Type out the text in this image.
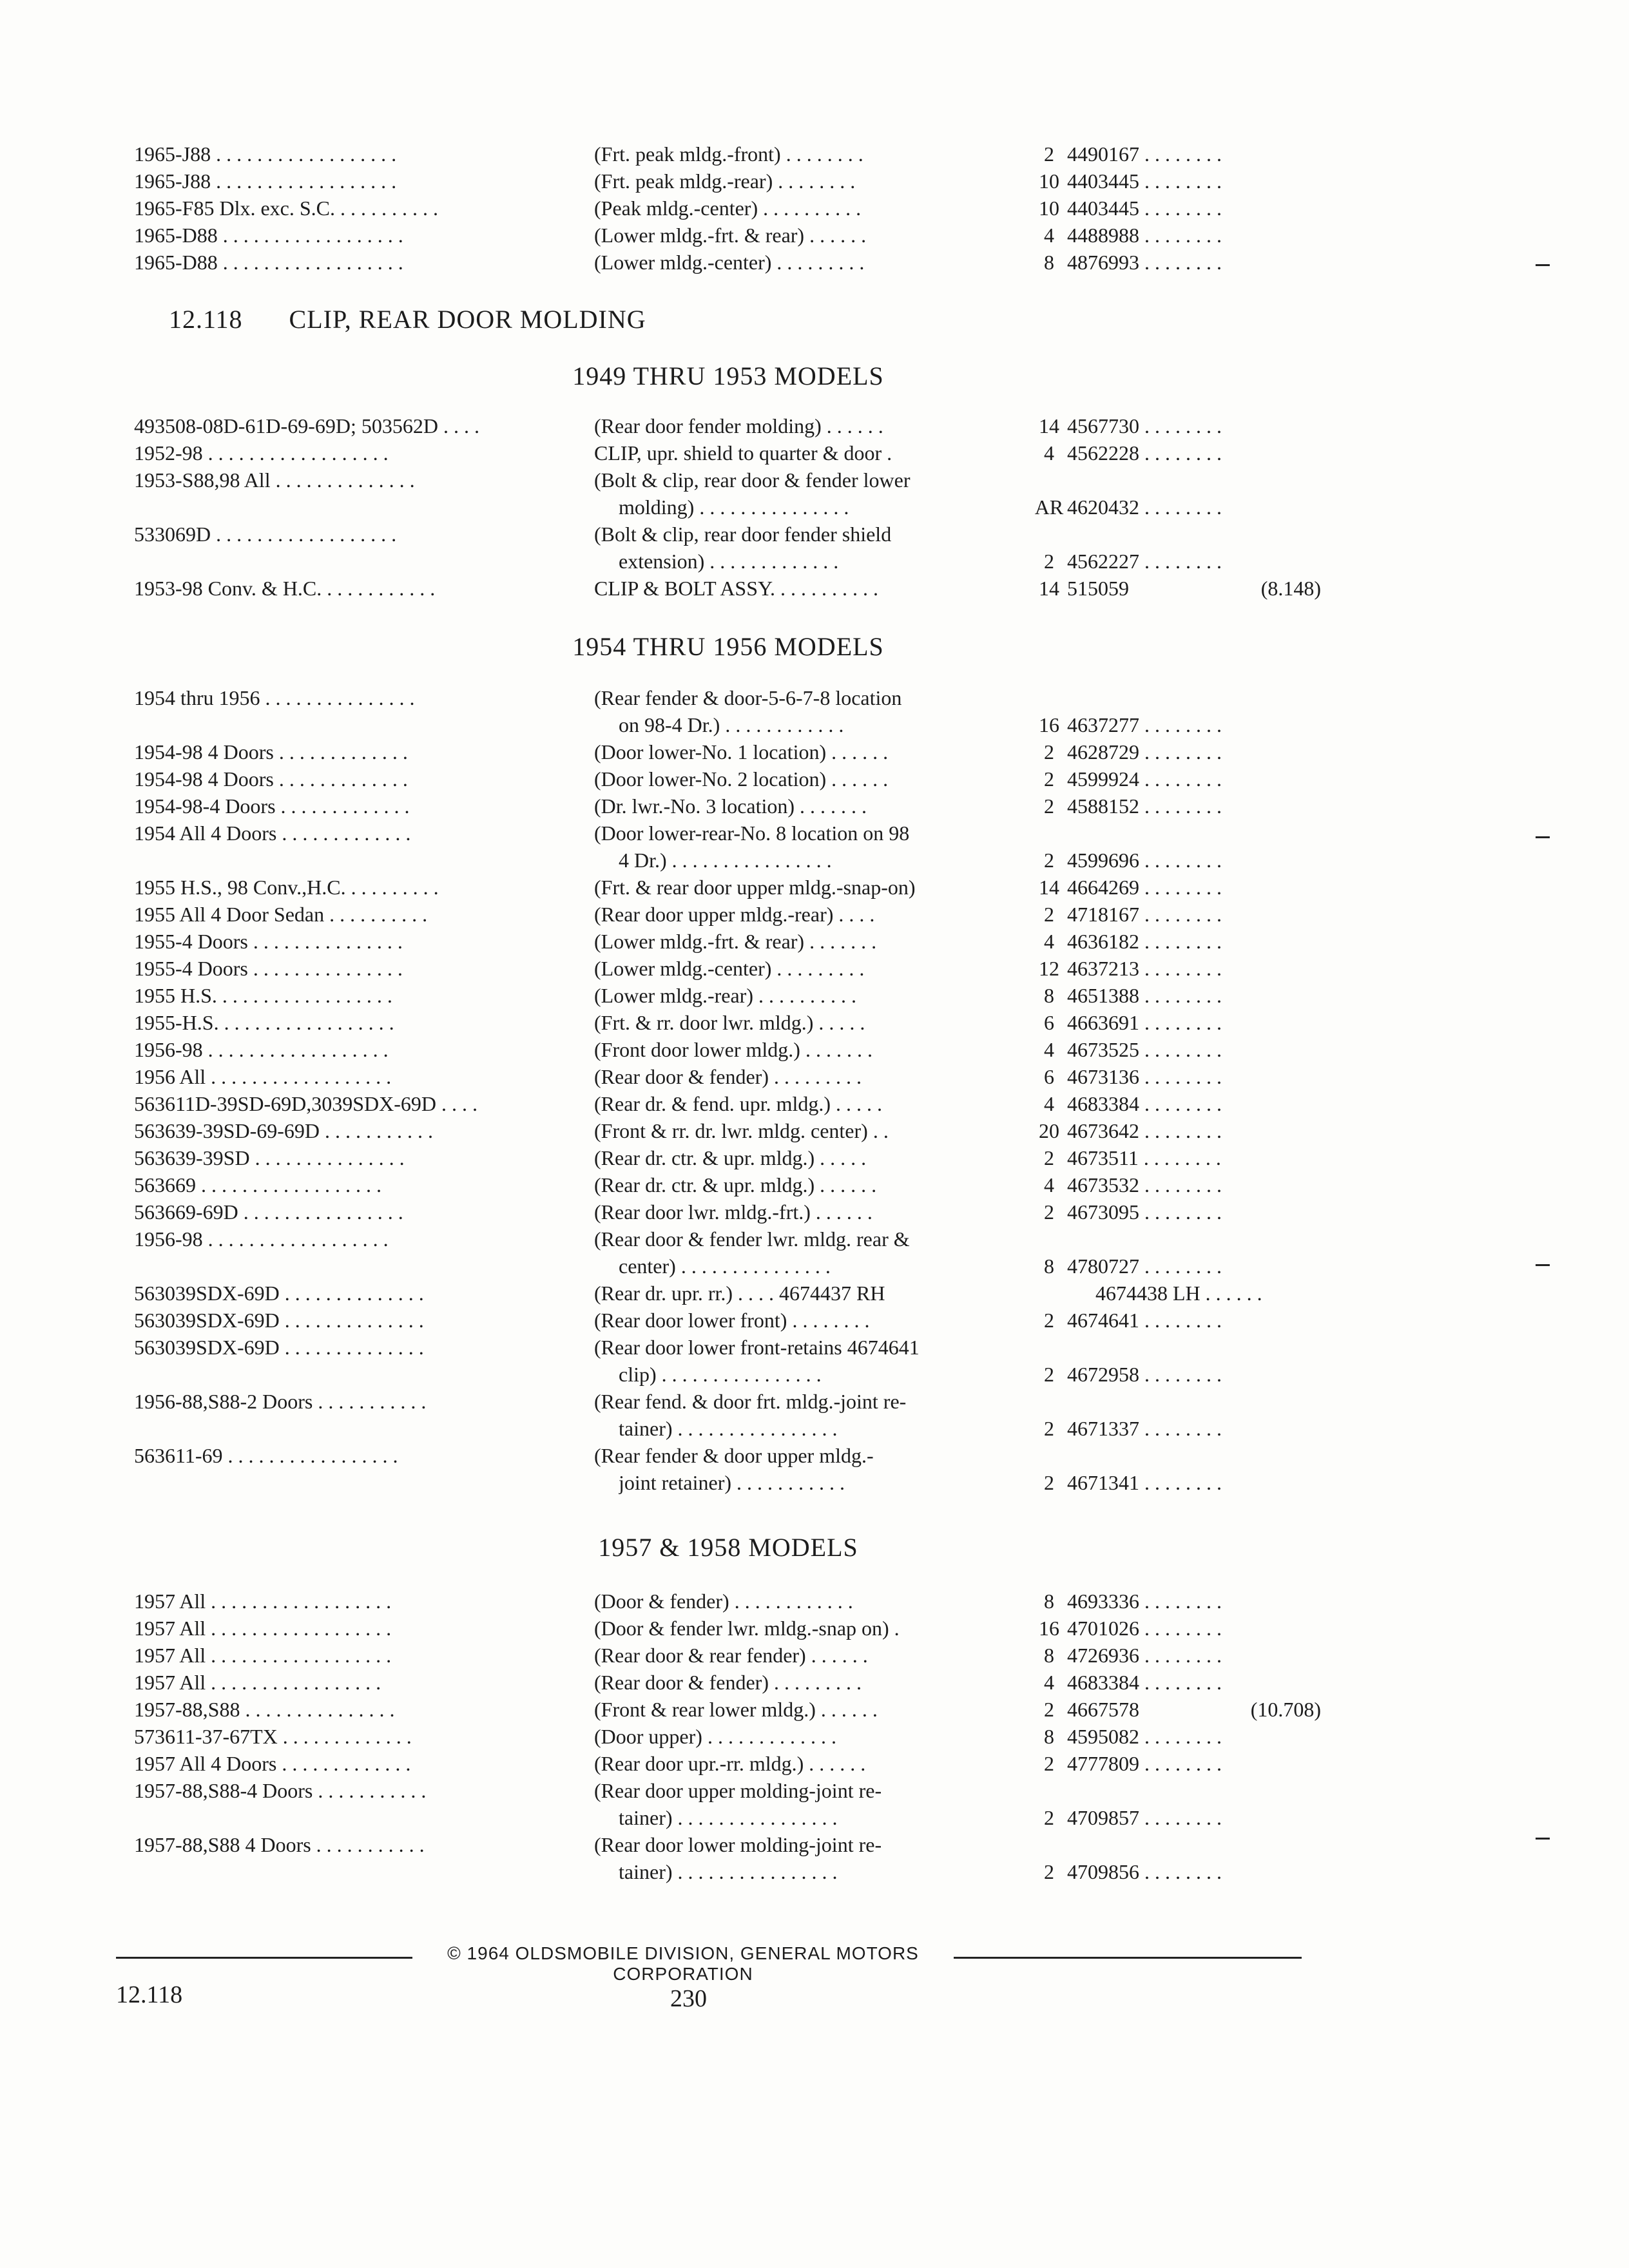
1965-J88 . . . . . . . . . . . . . . . . . .	(Frt. peak mldg.-front) . . . . . . . .	2 4490167 . . . . . . . .
1965-J88 . . . . . . . . . . . . . . . . . .	(Frt. peak mldg.-rear) . . . . . . . .	10 4403445 . . . . . . . .
1965-F85 Dlx. exc. S.C. . . . . . . . . . .	(Peak mldg.-center) . . . . . . . . . .	10 4403445 . . . . . . . .
1965-D88 . . . . . . . . . . . . . . . . . .	(Lower mldg.-frt. & rear) . . . . . .	4 4488988 . . . . . . . .
1965-D88 . . . . . . . . . . . . . . . . . .	(Lower mldg.-center) . . . . . . . . .	8 4876993 . . . . . . . .
12.118 CLIP, REAR DOOR MOLDING
1949 THRU 1953 MODELS
493508-08D-61D-69-69D; 503562D . . . .	(Rear door fender molding) . . . . . .	14 4567730 . . . . . . . .
1952-98 . . . . . . . . . . . . . . . . . .	CLIP, upr. shield to quarter & door .	4 4562228 . . . . . . . .
1953-S88,98 All . . . . . . . . . . . . . .	(Bolt & clip, rear door & fender lower
molding) . . . . . . . . . . . . . . .	AR 4620432 . . . . . . . .
533069D . . . . . . . . . . . . . . . . . .	(Bolt & clip, rear door fender shield
extension) . . . . . . . . . . . . .	2 4562227 . . . . . . . .
1953-98 Conv. & H.C. . . . . . . . . . . .	CLIP & BOLT ASSY. . . . . . . . . . .	14 515059	(8.148)
1954 THRU 1956 MODELS
1954 thru 1956 . . . . . . . . . . . . . . .	(Rear fender & door-5-6-7-8 location
on 98-4 Dr.) . . . . . . . . . . . .	16 4637277 . . . . . . . .
1954-98 4 Doors . . . . . . . . . . . . .	(Door lower-No. 1 location) . . . . . .	2 4628729 . . . . . . . .
1954-98 4 Doors . . . . . . . . . . . . .	(Door lower-No. 2 location) . . . . . .	2 4599924 . . . . . . . .
1954-98-4 Doors . . . . . . . . . . . . .	(Dr. lwr.-No. 3 location) . . . . . . .	2 4588152 . . . . . . . .
1954 All 4 Doors . . . . . . . . . . . . .	(Door lower-rear-No. 8 location on 98
4 Dr.) . . . . . . . . . . . . . . . .	2 4599696 . . . . . . . .
1955 H.S., 98 Conv.,H.C. . . . . . . . . .	(Frt. & rear door upper mldg.-snap-on)	14 4664269 . . . . . . . .
1955 All 4 Door Sedan . . . . . . . . . .	(Rear door upper mldg.-rear) . . . .	2 4718167 . . . . . . . .
1955-4 Doors . . . . . . . . . . . . . . .	(Lower mldg.-frt. & rear) . . . . . . .	4 4636182 . . . . . . . .
1955-4 Doors . . . . . . . . . . . . . . .	(Lower mldg.-center) . . . . . . . . .	12 4637213 . . . . . . . .
1955 H.S. . . . . . . . . . . . . . . . . .	(Lower mldg.-rear) . . . . . . . . . .	8 4651388 . . . . . . . .
1955-H.S. . . . . . . . . . . . . . . . . .	(Frt. & rr. door lwr. mldg.) . . . . .	6 4663691 . . . . . . . .
1956-98 . . . . . . . . . . . . . . . . . .	(Front door lower mldg.) . . . . . . .	4 4673525 . . . . . . . .
1956 All . . . . . . . . . . . . . . . . . .	(Rear door & fender) . . . . . . . . .	6 4673136 . . . . . . . .
563611D-39SD-69D,3039SDX-69D . . . .	(Rear dr. & fend. upr. mldg.) . . . . .	4 4683384 . . . . . . . .
563639-39SD-69-69D . . . . . . . . . . .	(Front & rr. dr. lwr. mldg. center) . .	20 4673642 . . . . . . . .
563639-39SD . . . . . . . . . . . . . . .	(Rear dr. ctr. & upr. mldg.) . . . . .	2 4673511 . . . . . . . .
563669 . . . . . . . . . . . . . . . . . .	(Rear dr. ctr. & upr. mldg.) . . . . . .	4 4673532 . . . . . . . .
563669-69D . . . . . . . . . . . . . . . .	(Rear door lwr. mldg.-frt.) . . . . . .	2 4673095 . . . . . . . .
1956-98 . . . . . . . . . . . . . . . . . .	(Rear door & fender lwr. mldg. rear &
center) . . . . . . . . . . . . . . .	8 4780727 . . . . . . . .
563039SDX-69D . . . . . . . . . . . . . .	(Rear dr. upr. rr.) . . . . 4674437 RH	4674438 LH . . . . . .
563039SDX-69D . . . . . . . . . . . . . .	(Rear door lower front) . . . . . . . .	2 4674641 . . . . . . . .
563039SDX-69D . . . . . . . . . . . . . .	(Rear door lower front-retains 4674641
clip) . . . . . . . . . . . . . . . .	2 4672958 . . . . . . . .
1956-88,S88-2 Doors . . . . . . . . . . .	(Rear fend. & door frt. mldg.-joint re-
tainer) . . . . . . . . . . . . . . . .	2 4671337 . . . . . . . .
563611-69 . . . . . . . . . . . . . . . . .	(Rear fender & door upper mldg.-
joint retainer) . . . . . . . . . . .	2 4671341 . . . . . . . .
1957 & 1958 MODELS
1957 All . . . . . . . . . . . . . . . . . .	(Door & fender) . . . . . . . . . . . .	8 4693336 . . . . . . . .
1957 All . . . . . . . . . . . . . . . . . .	(Door & fender lwr. mldg.-snap on) .	16 4701026 . . . . . . . .
1957 All . . . . . . . . . . . . . . . . . .	(Rear door & rear fender) . . . . . .	8 4726936 . . . . . . . .
1957 All . . . . . . . . . . . . . . . . .	(Rear door & fender) . . . . . . . . .	4 4683384 . . . . . . . .
1957-88,S88 . . . . . . . . . . . . . . .	(Front & rear lower mldg.) . . . . . .	2 4667578	(10.708)
573611-37-67TX . . . . . . . . . . . . .	(Door upper) . . . . . . . . . . . . .	8 4595082 . . . . . . . .
1957 All 4 Doors . . . . . . . . . . . . .	(Rear door upr.-rr. mldg.) . . . . . .	2 4777809 . . . . . . . .
1957-88,S88-4 Doors . . . . . . . . . . .	(Rear door upper molding-joint re-
tainer) . . . . . . . . . . . . . . . .	2 4709857 . . . . . . . .
1957-88,S88 4 Doors . . . . . . . . . . .	(Rear door lower molding-joint re-
tainer) . . . . . . . . . . . . . . . .	2 4709856 . . . . . . . .
© 1964 OLDSMOBILE DIVISION, GENERAL MOTORS CORPORATION
12.118	230
